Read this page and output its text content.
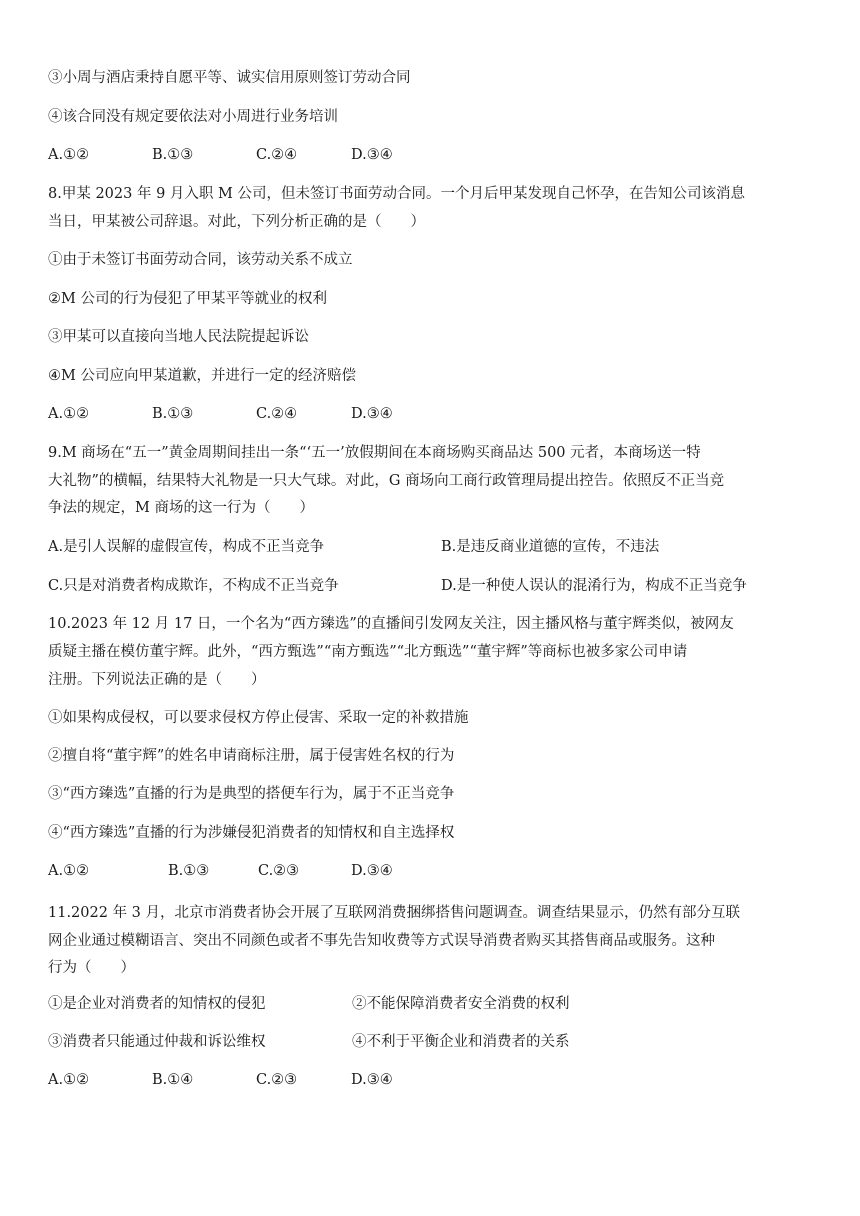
③小周与酒店秉持自愿平等、诚实信用原则签订劳动合同
④该合同没有规定要依法对小周进行业务培训
A.①②	B.①③	C.②④	D.③④
8.甲某 2023 年 9 月入职 M 公司，但未签订书面劳动合同。一个月后甲某发现自己怀孕，在告知公司该消息
当日，甲某被公司辞退。对此，下列分析正确的是（　　）
①由于未签订书面劳动合同，该劳动关系不成立
②M 公司的行为侵犯了甲某平等就业的权利
③甲某可以直接向当地人民法院提起诉讼
④M 公司应向甲某道歉，并进行一定的经济赔偿
A.①②	B.①③	C.②④	D.③④
9.M 商场在“五一”黄金周期间挂出一条“‘五一’放假期间在本商场购买商品达 500 元者，本商场送一特
大礼物”的横幅，结果特大礼物是一只大气球。对此，G 商场向工商行政管理局提出控告。依照反不正当竞
争法的规定，M 商场的这一行为（　　）
A.是引人误解的虚假宣传，构成不正当竞争	B.是违反商业道德的宣传，不违法
C.只是对消费者构成欺诈，不构成不正当竞争	D.是一种使人误认的混淆行为，构成不正当竞争
10.2023 年 12 月 17 日，一个名为“西方臻选”的直播间引发网友关注，因主播风格与董宇辉类似，被网友
质疑主播在模仿董宇辉。此外，“西方甄选”“南方甄选”“北方甄选”“董宇辉”等商标也被多家公司申请
注册。下列说法正确的是（　　）
①如果构成侵权，可以要求侵权方停止侵害、采取一定的补救措施
②擅自将“董宇辉”的姓名申请商标注册，属于侵害姓名权的行为
③“西方臻选”直播的行为是典型的搭便车行为，属于不正当竞争
④“西方臻选”直播的行为涉嫌侵犯消费者的知情权和自主选择权
A.①②	B.①③	C.②③	D.③④
11.2022 年 3 月，北京市消费者协会开展了互联网消费捆绑搭售问题调查。调查结果显示，仍然有部分互联
网企业通过模糊语言、突出不同颜色或者不事先告知收费等方式误导消费者购买其搭售商品或服务。这种
行为（　　）
①是企业对消费者的知情权的侵犯	②不能保障消费者安全消费的权利
③消费者只能通过仲裁和诉讼维权	④不利于平衡企业和消费者的关系
A.①②	B.①④	C.②③	D.③④
